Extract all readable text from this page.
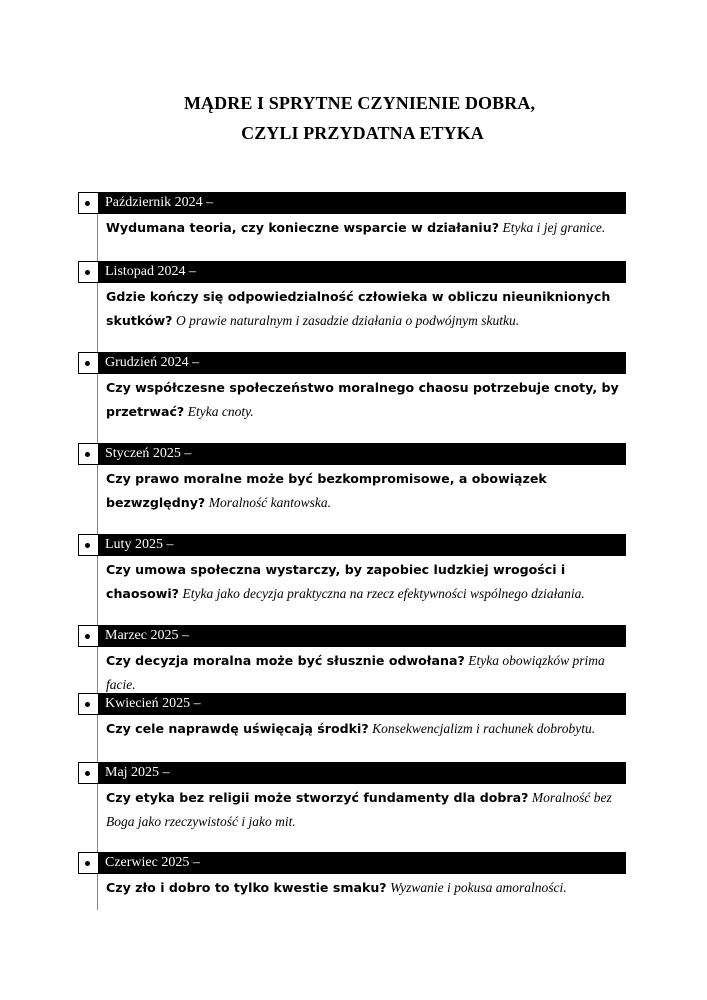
MĄDRE I SPRYTNE CZYNIENIE DOBRA,
CZYLI PRZYDATNA ETYKA
Październik 2024 –
Wydumana teoria, czy konieczne wsparcie w działaniu? Etyka i jej granice.
Listopad 2024 –
Gdzie kończy się odpowiedzialność człowieka w obliczu nieuniknionych skutków? O prawie naturalnym i zasadzie działania o podwójnym skutku.
Grudzień 2024 –
Czy współczesne społeczeństwo moralnego chaosu potrzebuje cnoty, by przetrwać? Etyka cnoty.
Styczeń 2025 –
Czy prawo moralne może być bezkompromisowe, a obowiązek bezwzględny? Moralność kantowska.
Luty 2025 –
Czy umowa społeczna wystarczy, by zapobiec ludzkiej wrogości i chaosowi? Etyka jako decyzja praktyczna na rzecz efektywności wspólnego działania.
Marzec 2025 –
Czy decyzja moralna może być słusznie odwołana? Etyka obowiązków prima facie.
Kwiecień 2025 –
Czy cele naprawdę uświęcają środki? Konsekwencjalizm i rachunek dobrobytu.
Maj 2025 –
Czy etyka bez religii może stworzyć fundamenty dla dobra? Moralność bez Boga jako rzeczywistość i jako mit.
Czerwiec 2025 –
Czy zło i dobro to tylko kwestie smaku? Wyzwanie i pokusa amoralności.
